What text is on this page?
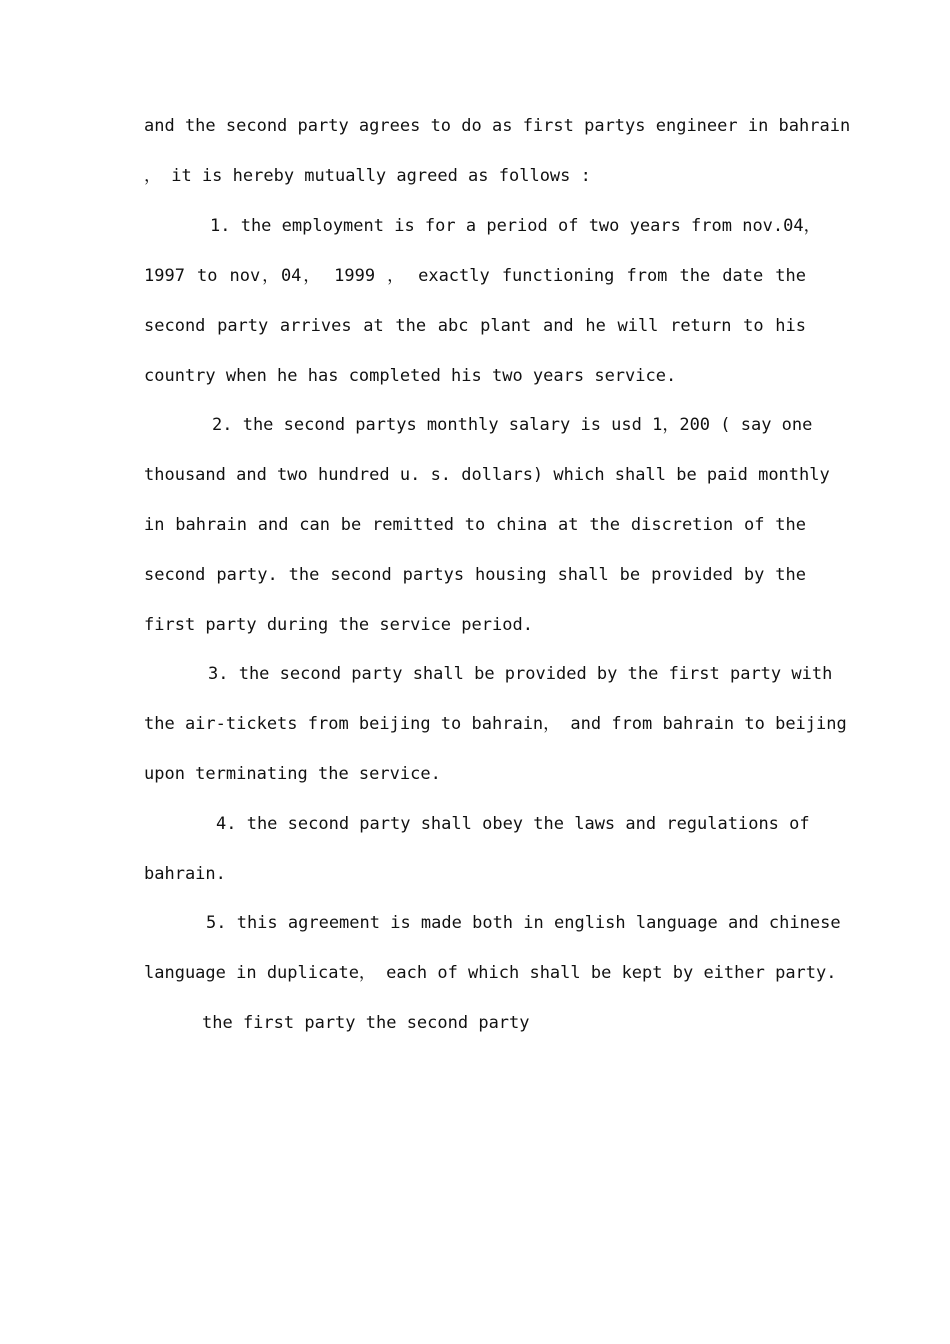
and the second party agrees to do as first partys engineer in bahrain
， it is hereby mutually agreed as follows :
1. the employment is for a period of two years from nov.04，
1997 to nov，04， 1999 ， exactly functioning from the date the
second party arrives at the abc plant and he will return to his
country when he has completed his two years service.
2. the second partys monthly salary is usd 1，200 ( say one
thousand and two hundred u. s. dollars) which shall be paid monthly
in bahrain and can be remitted to china at the discretion of the
second party. the second partys housing shall be provided by the
first party during the service period.
3. the second party shall be provided by the first party with
the air-tickets from beijing to bahrain， and from bahrain to beijing
upon terminating the service.
4. the second party shall obey the laws and regulations of
bahrain.
5. this agreement is made both in english language and chinese
language in duplicate， each of which shall be kept by either party.
the first party the second party
